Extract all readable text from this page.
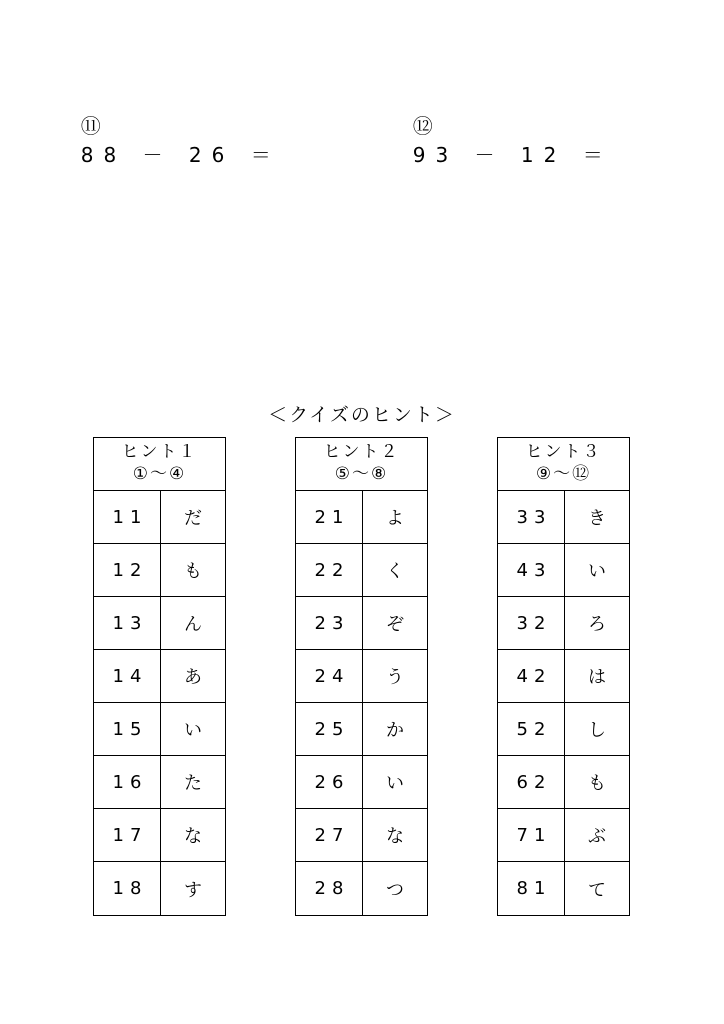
⑪
88 － 26 ＝

⑫
93 － 12 ＝

＜クイズのヒント＞
ヒント１
①～④
11	だ
12	も
13	ん
14	あ
15	い
16	た
17	な
18	す
ヒント２
⑤～⑧
21	よ
22	く
23	ぞ
24	う
25	か
26	い
27	な
28	つ
ヒント３
⑨～⑫
33	き
43	い
32	ろ
42	は
52	し
62	も
71	ぶ
81	て
